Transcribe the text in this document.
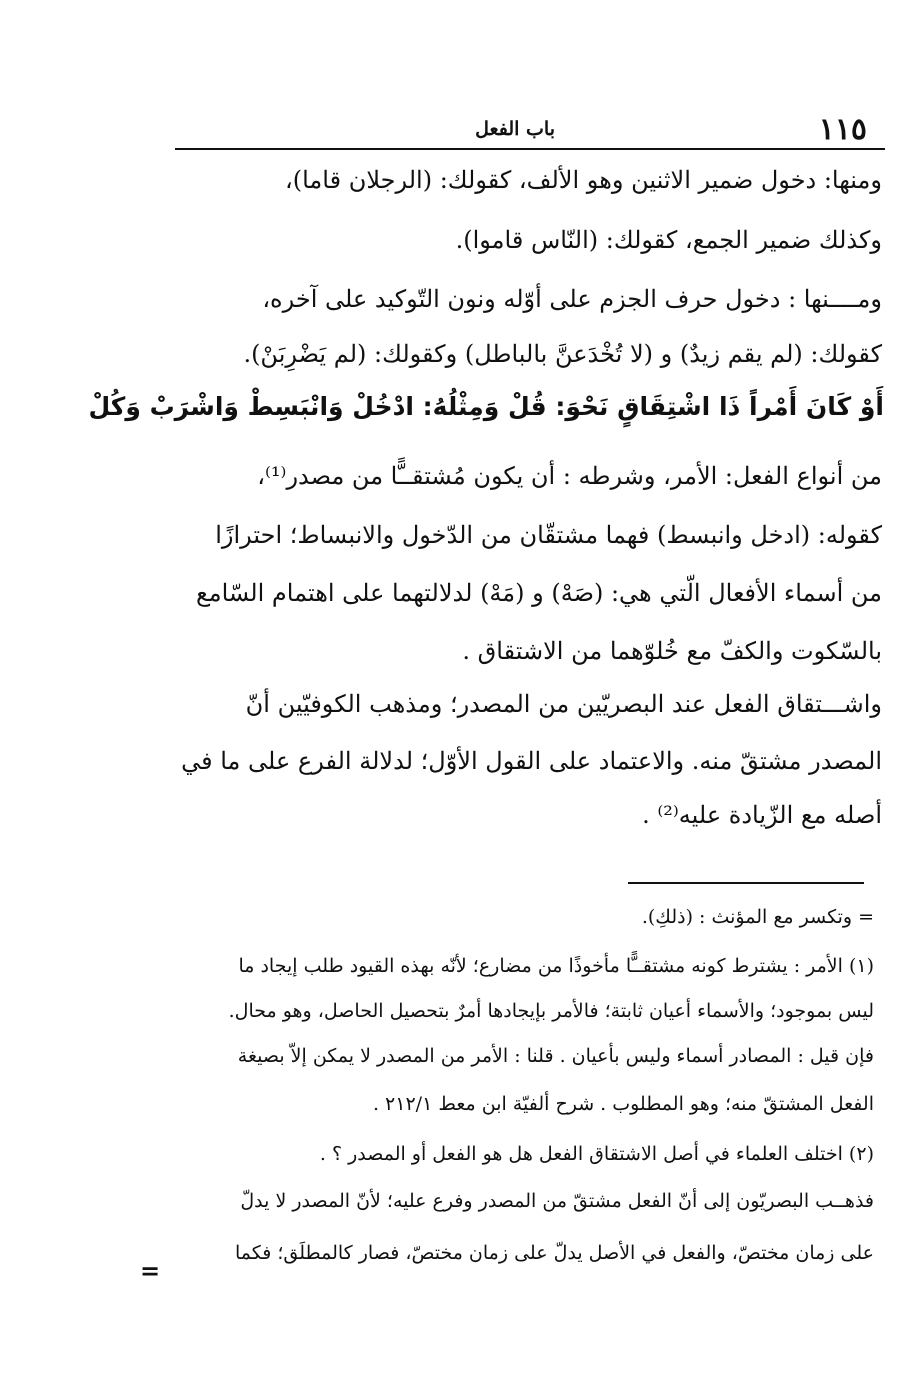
١١٥
باب الفعل
ومنها: دخول ضمير الاثنين وهو الألف، كقولك: (الرجلان قاما)،
وكذلك ضمير الجمع، كقولك: (النّاس قاموا).
ومــــنها : دخول حرف الجزم على أوّله ونون التّوكيد على آخره،
كقولك: (لم يقم زيدٌ) و (لا تُخْدَعنَّ بالباطل) وكقولك: (لم يَضْرِبَنْ).
أَوْ كَانَ أَمْراً ذَا اشْتِقَاقٍ نَحْوَ: قُلْ وَمِثْلُهُ: ادْخُلْ وَانْبَسِطْ وَاشْرَبْ وَكُلْ
من أنواع الفعل: الأمر، وشرطه : أن يكون مُشتقــًّا من مصدر⁽¹⁾،
كقوله: (ادخل وانبسط) فهما مشتقّان من الدّخول والانبساط؛ احترازًا
من أسماء الأفعال الّتي هي: (صَهْ) و (مَهْ) لدلالتهما على اهتمام السّامع
بالسّكوت والكفّ مع خُلوّهما من الاشتقاق .
واشـــتقاق الفعل عند البصريّين من المصدر؛ ومذهب الكوفيّين أنّ
المصدر مشتقّ منه. والاعتماد على القول الأوّل؛ لدلالة الفرع على ما في
أصله مع الزّيادة عليه⁽²⁾ .
= وتكسر مع المؤنث : (ذلكِ).
(١) الأمر : يشترط كونه مشتقــًّا مأخوذًا من مضارع؛ لأنّه بهذه القيود طلب إيجاد ما
ليس بموجود؛ والأسماء أعيان ثابتة؛ فالأمر بإيجادها أمرٌ بتحصيل الحاصل، وهو محال.
فإن قيل : المصادر أسماء وليس بأعيان . قلنا : الأمر من المصدر لا يمكن إلاّ بصيغة
الفعل المشتقّ منه؛ وهو المطلوب . شرح ألفيّة ابن معط ٢١٢/١ .
(٢) اختلف العلماء في أصل الاشتقاق الفعل هل هو الفعل أو المصدر ؟ .
فذهــب البصريّون إلى أنّ الفعل مشتقّ من المصدر وفرع عليه؛ لأنّ المصدر لا يدلّ
على زمان مختصّ، والفعل في الأصل يدلّ على زمان مختصّ، فصار كالمطلَق؛ فكما
=
